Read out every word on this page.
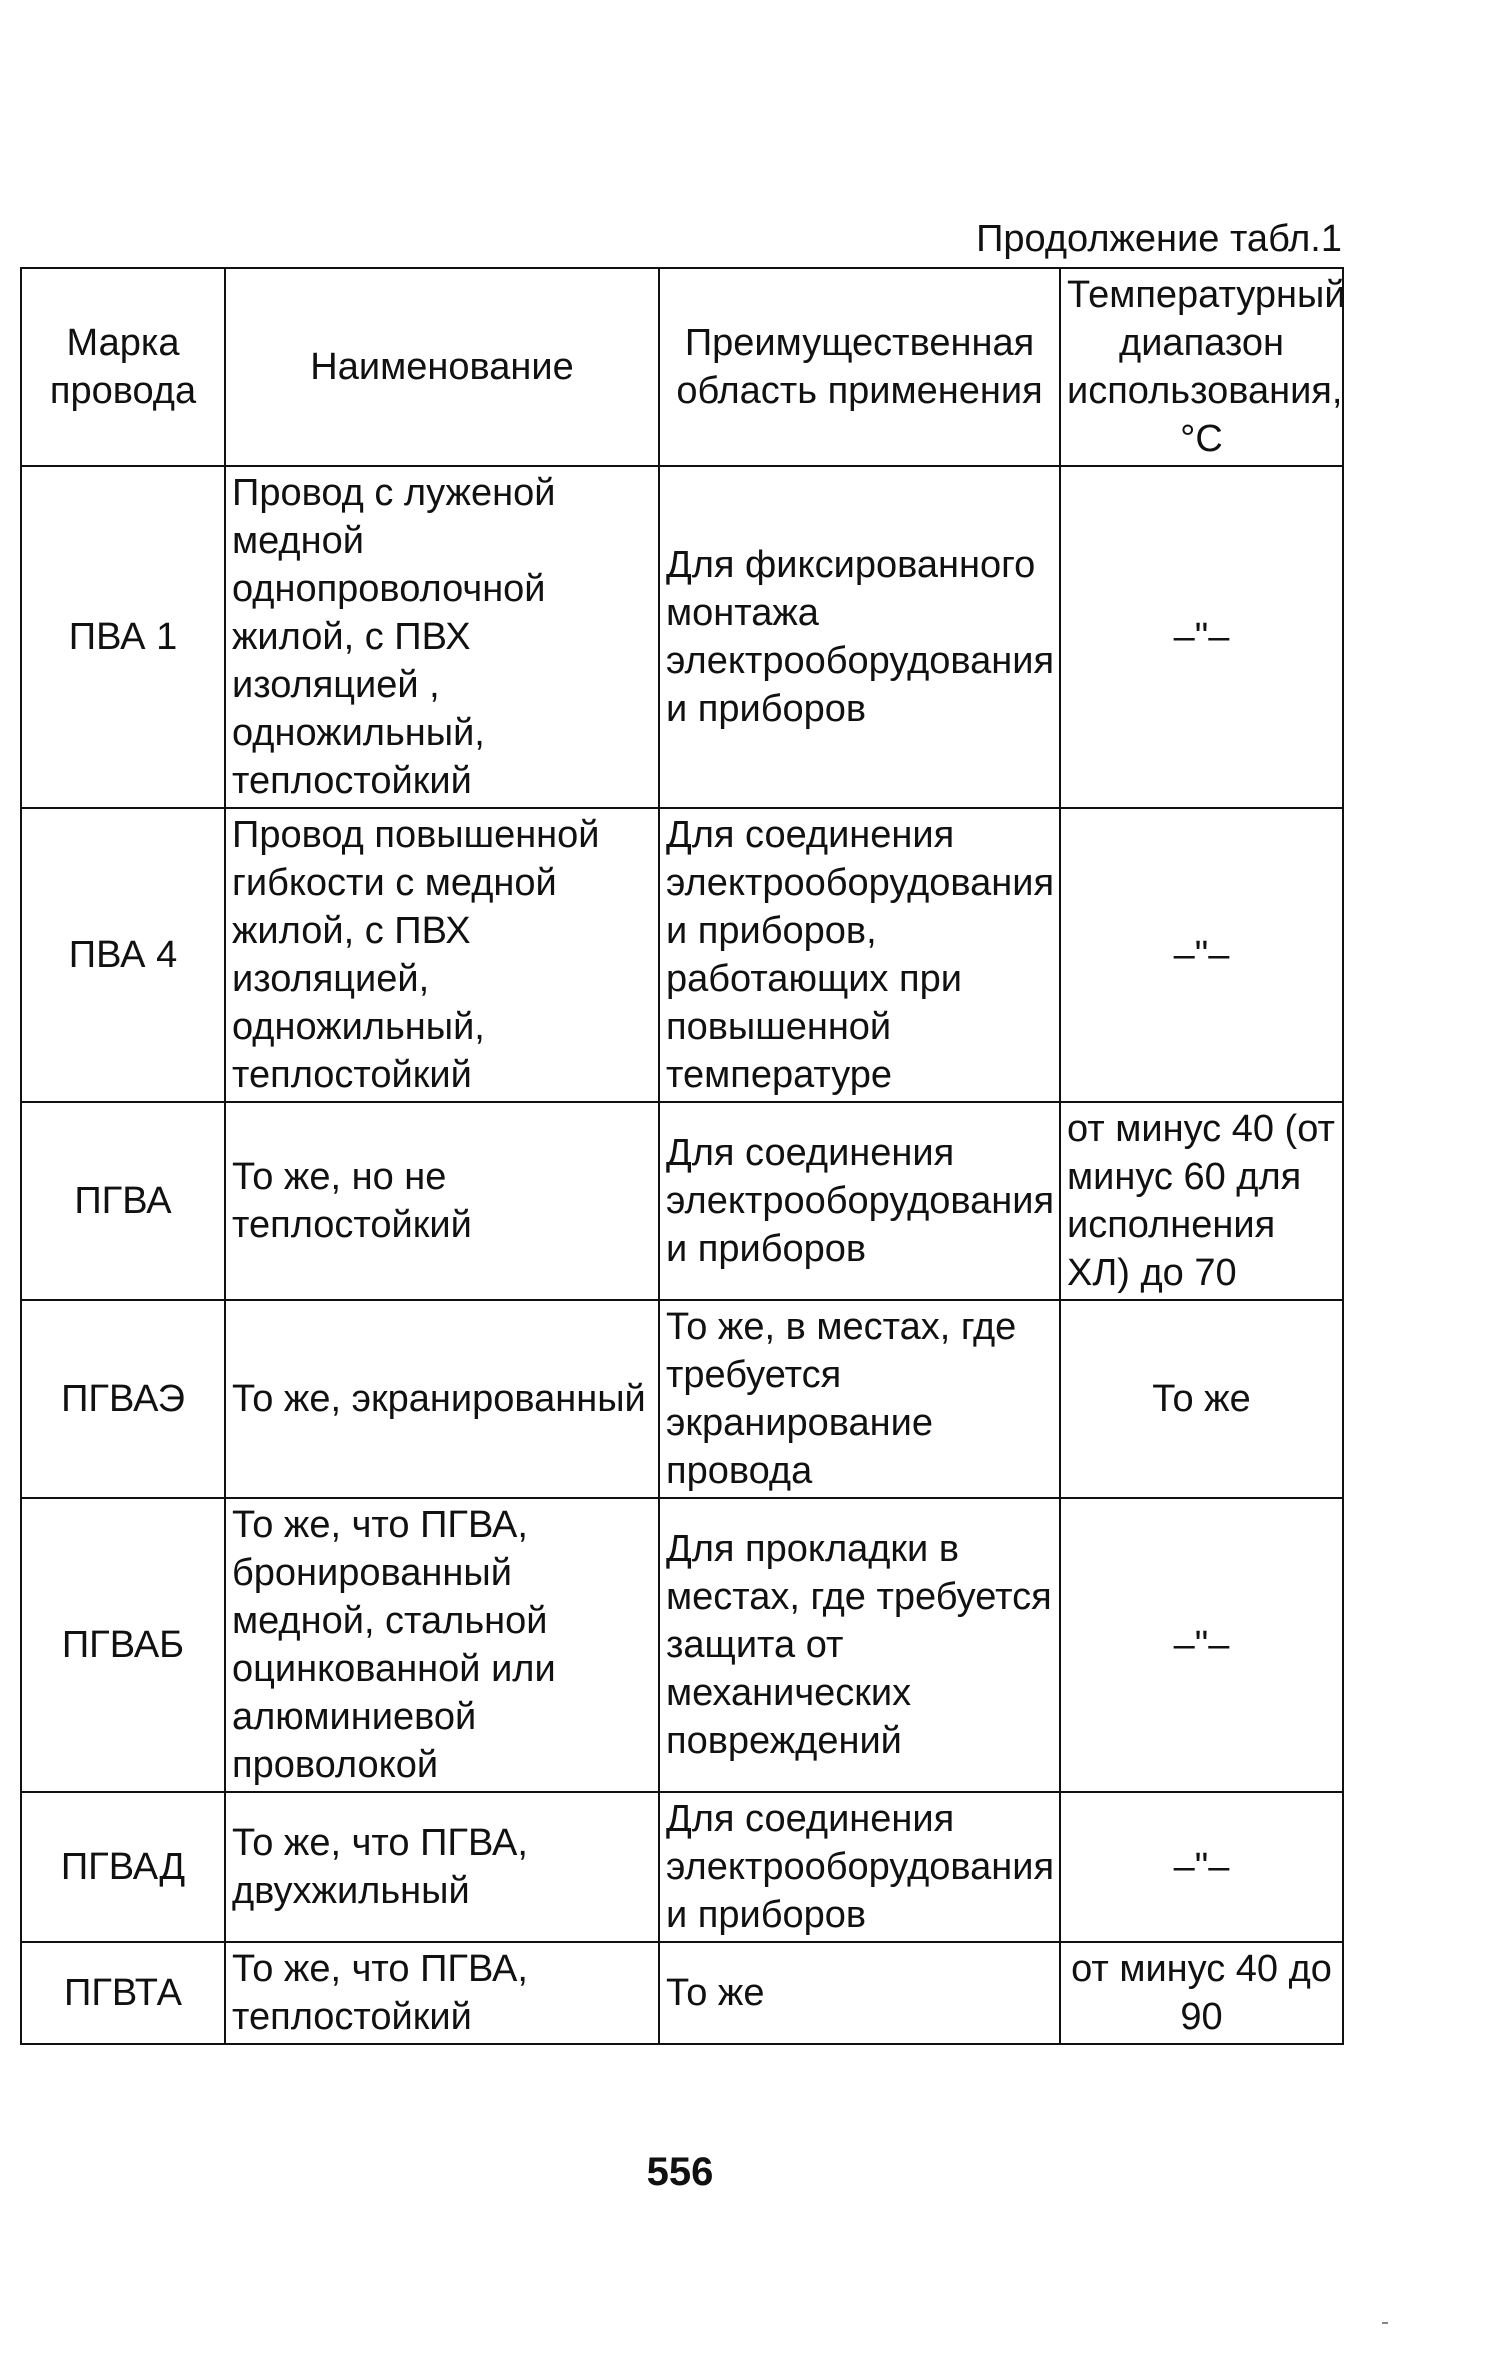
Продолжение табл.1
Марка провода	Наименование	Преимущественная область применения	Температурный диапазон использования, °С
ПВА 1	Провод с луженой медной однопроволочной жилой, с ПВХ изоляцией , одножильный, теплостойкий	Для фиксированного монтажа электрооборудования и приборов	–"–
ПВА 4	Провод повышенной гибкости с медной жилой, с ПВХ изоляцией, одножильный, теплостойкий	Для соединения электрооборудования и приборов, работающих при повышенной температуре	–"–
ПГВА	То же, но не теплостойкий	Для соединения электрооборудования и приборов	от минус 40 (от минус 60 для исполнения ХЛ) до 70
ПГВАЭ	То же, экранированный	То же, в местах, где требуется экранирование провода	То же
ПГВАБ	То же, что ПГВА, бронированный медной, стальной оцинкованной или алюминиевой проволокой	Для прокладки в местах, где требуется защита от механических повреждений	–"–
ПГВАД	То же, что ПГВА, двухжильный	Для соединения электрооборудования и приборов	–"–
ПГВТА	То же, что ПГВА, теплостойкий	То же	от минус 40 до 90
556
